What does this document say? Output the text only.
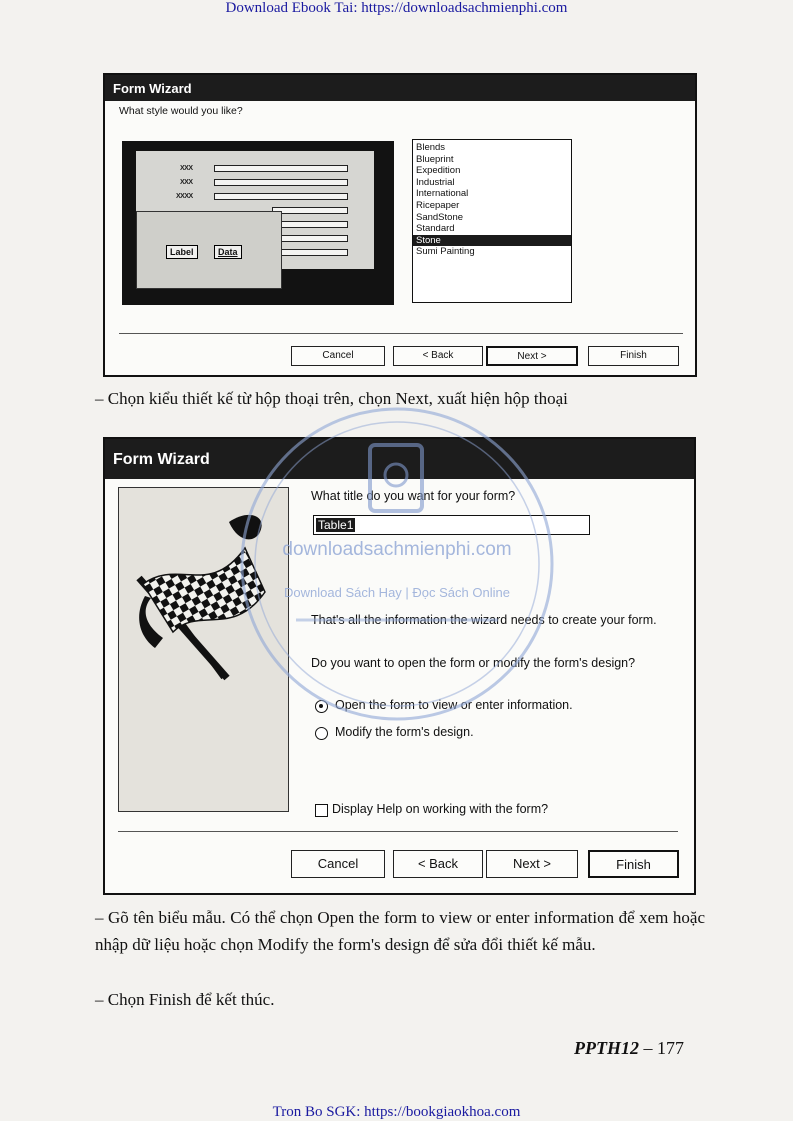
Download Ebook Tai: https://downloadsachmienphi.com
Form Wizard
What style would you like?
XXX
XXX
XXXX
Label	Data
Blends
Blueprint
Expedition
Industrial
International
Ricepaper
SandStone
Standard
Stone
Sumi Painting
Cancel	< Back	Next >	Finish
– Chọn kiểu thiết kế từ hộp thoại trên, chọn Next, xuất hiện hộp thoại
Form Wizard
What title do you want for your form?
Table1
That's all the information the wizard needs to create your form.
Do you want to open the form or modify the form's design?
Open the form to view or enter information.
Modify the form's design.
Display Help on working with the form?
Cancel	< Back	Next >	Finish
downloadsachmienphi.com
Download Sách Hay | Đọc Sách Online
– Gõ tên biểu mẫu. Có thể chọn Open the form to view or enter information để xem hoặc nhập dữ liệu hoặc chọn Modify the form's design để sửa đổi thiết kế mẫu.
– Chọn Finish để kết thúc.
PPTH12 – 177
Tron Bo SGK: https://bookgiaokhoa.com
